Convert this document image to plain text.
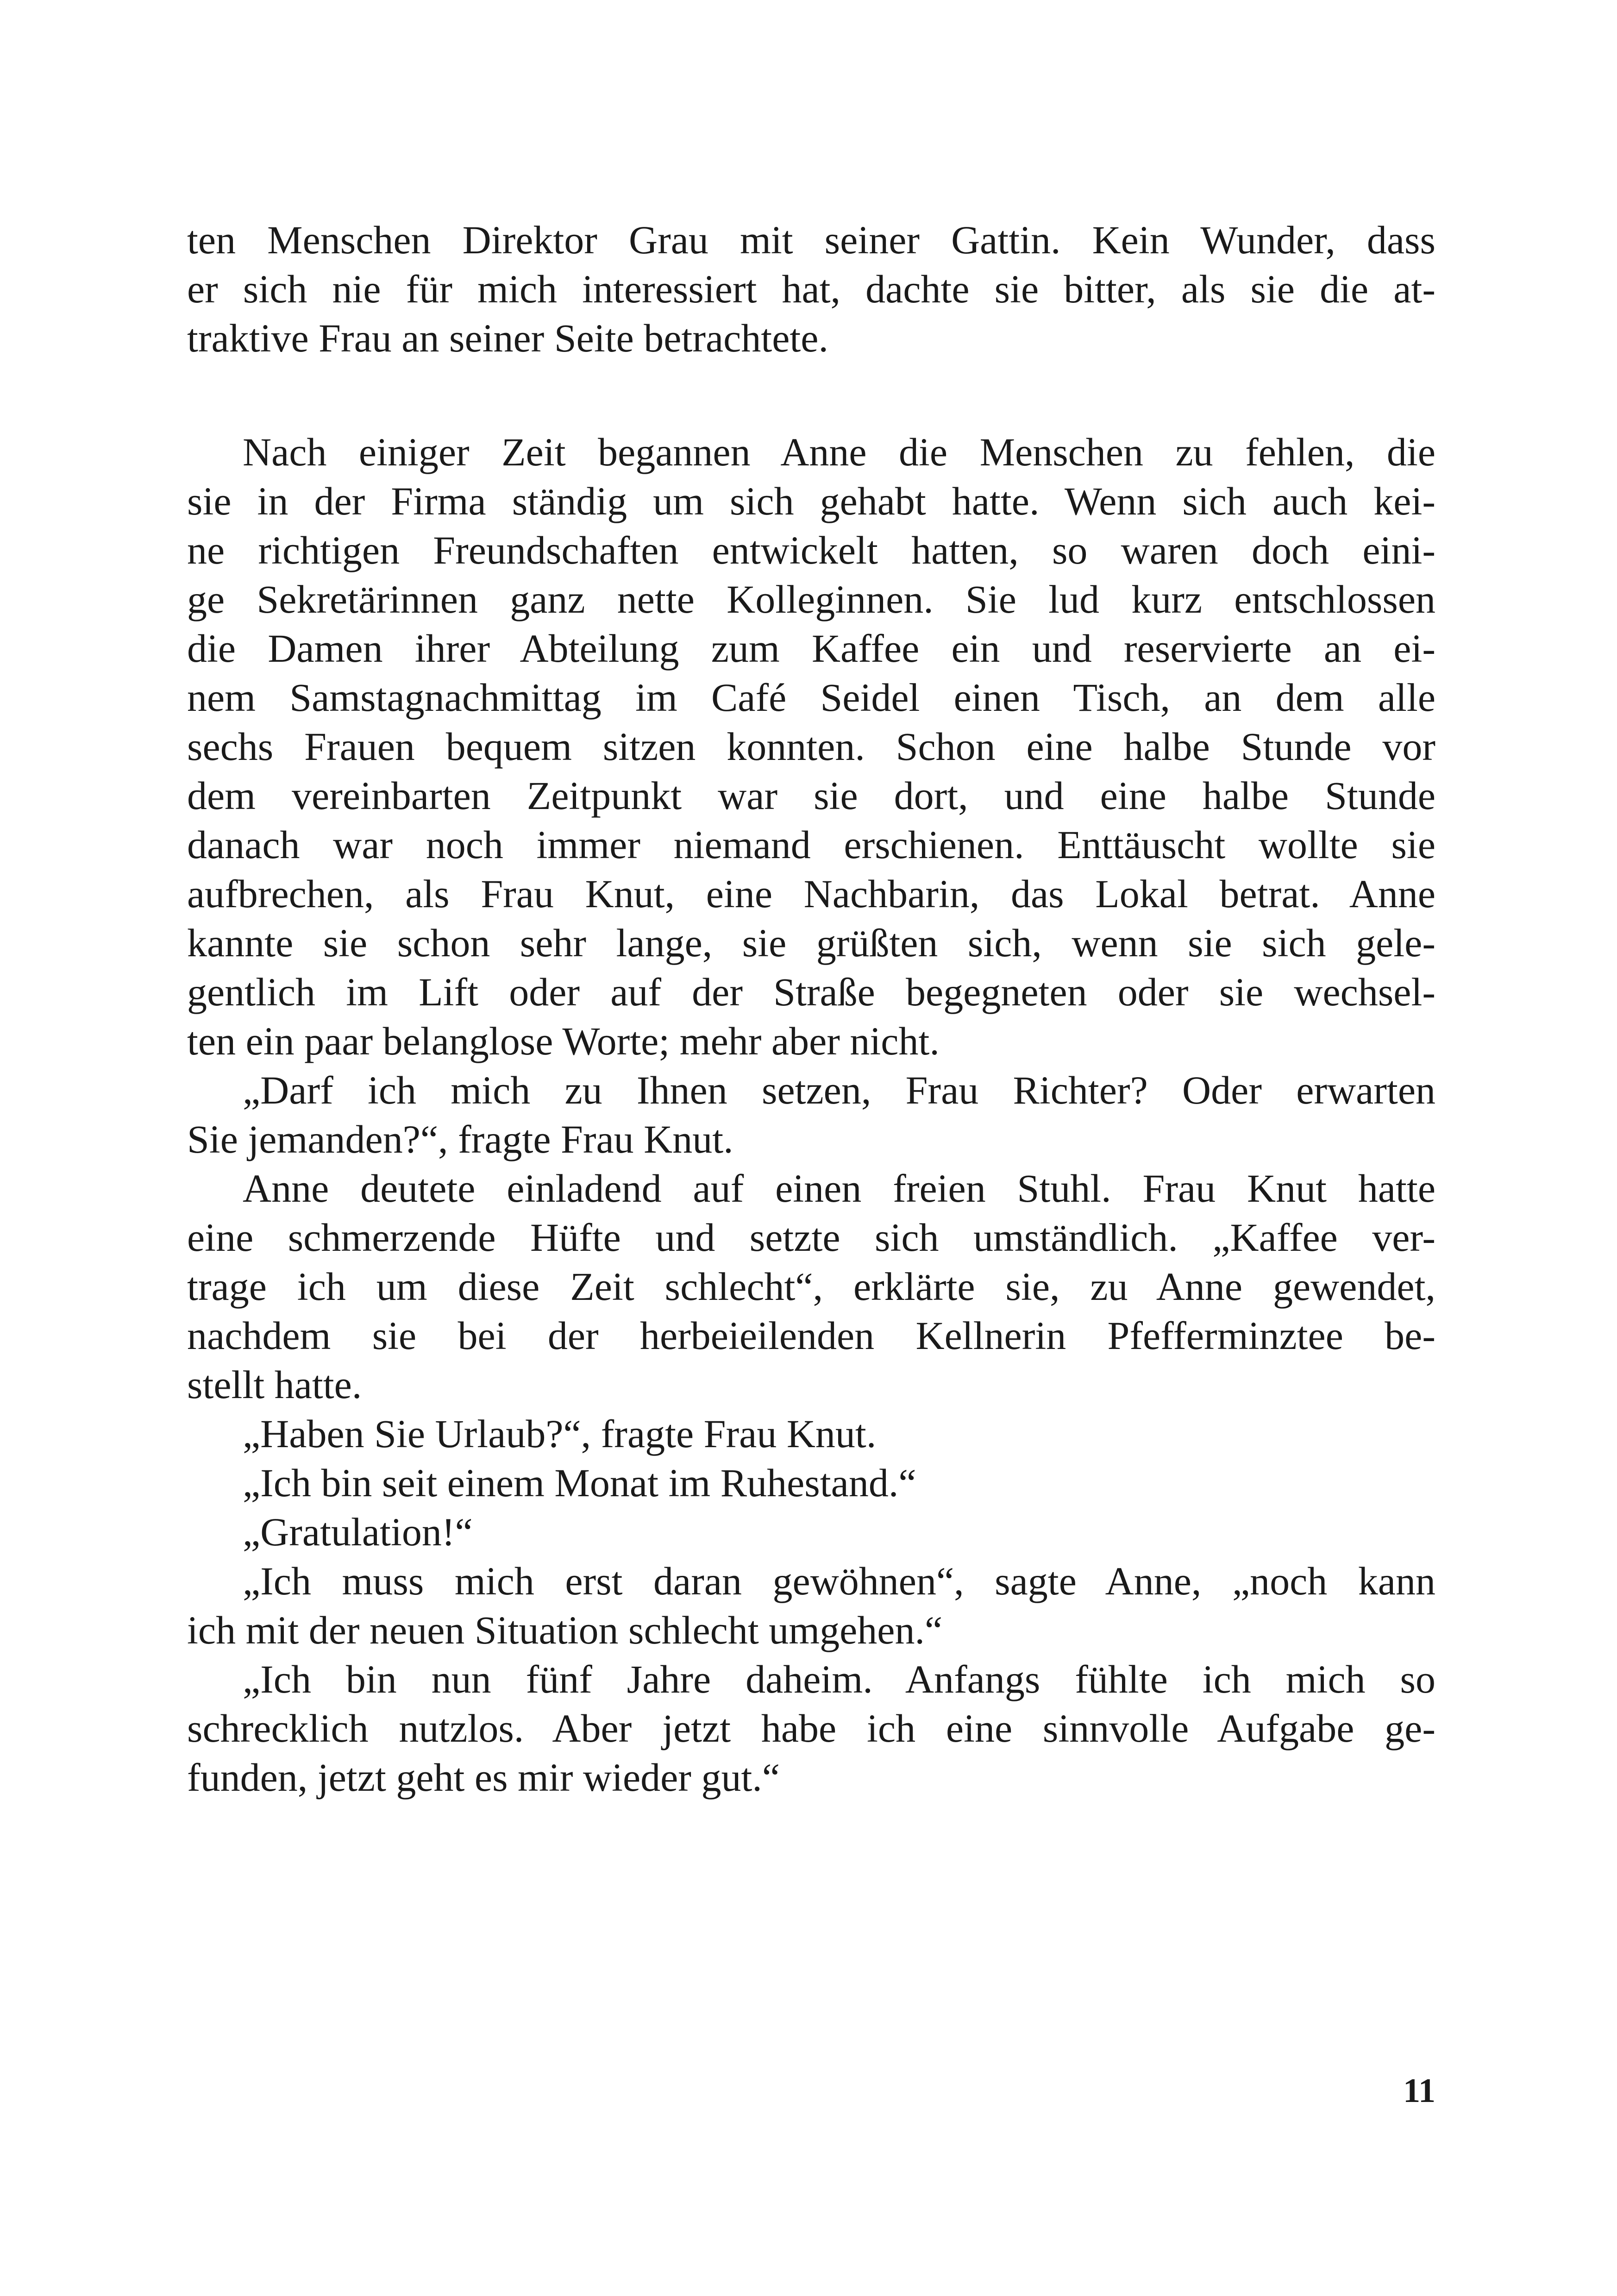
ten Menschen Direktor Grau mit seiner Gattin. Kein Wunder, dass
er sich nie für mich interessiert hat, dachte sie bitter, als sie die at-
traktive Frau an seiner Seite betrachtete.
Nach einiger Zeit begannen Anne die Menschen zu fehlen, die
sie in der Firma ständig um sich gehabt hatte. Wenn sich auch kei-
ne richtigen Freundschaften entwickelt hatten, so waren doch eini-
ge Sekretärinnen ganz nette Kolleginnen. Sie lud kurz entschlossen
die Damen ihrer Abteilung zum Kaffee ein und reservierte an ei-
nem Samstagnachmittag im Café Seidel einen Tisch, an dem alle
sechs Frauen bequem sitzen konnten. Schon eine halbe Stunde vor
dem vereinbarten Zeitpunkt war sie dort, und eine halbe Stunde
danach war noch immer niemand erschienen. Enttäuscht wollte sie
aufbrechen, als Frau Knut, eine Nachbarin, das Lokal betrat. Anne
kannte sie schon sehr lange, sie grüßten sich, wenn sie sich gele-
gentlich im Lift oder auf der Straße begegneten oder sie wechsel-
ten ein paar belanglose Worte; mehr aber nicht.
„Darf ich mich zu Ihnen setzen, Frau Richter? Oder erwarten
Sie jemanden?“, fragte Frau Knut.
Anne deutete einladend auf einen freien Stuhl. Frau Knut hatte
eine schmerzende Hüfte und setzte sich umständlich. „Kaffee ver-
trage ich um diese Zeit schlecht“, erklärte sie, zu Anne gewendet,
nachdem sie bei der herbeieilenden Kellnerin Pfefferminztee be-
stellt hatte.
„Haben Sie Urlaub?“, fragte Frau Knut.
„Ich bin seit einem Monat im Ruhestand.“
„Gratulation!“
„Ich muss mich erst daran gewöhnen“, sagte Anne, „noch kann
ich mit der neuen Situation schlecht umgehen.“
„Ich bin nun fünf Jahre daheim. Anfangs fühlte ich mich so
schrecklich nutzlos. Aber jetzt habe ich eine sinnvolle Aufgabe ge-
funden, jetzt geht es mir wieder gut.“
11
